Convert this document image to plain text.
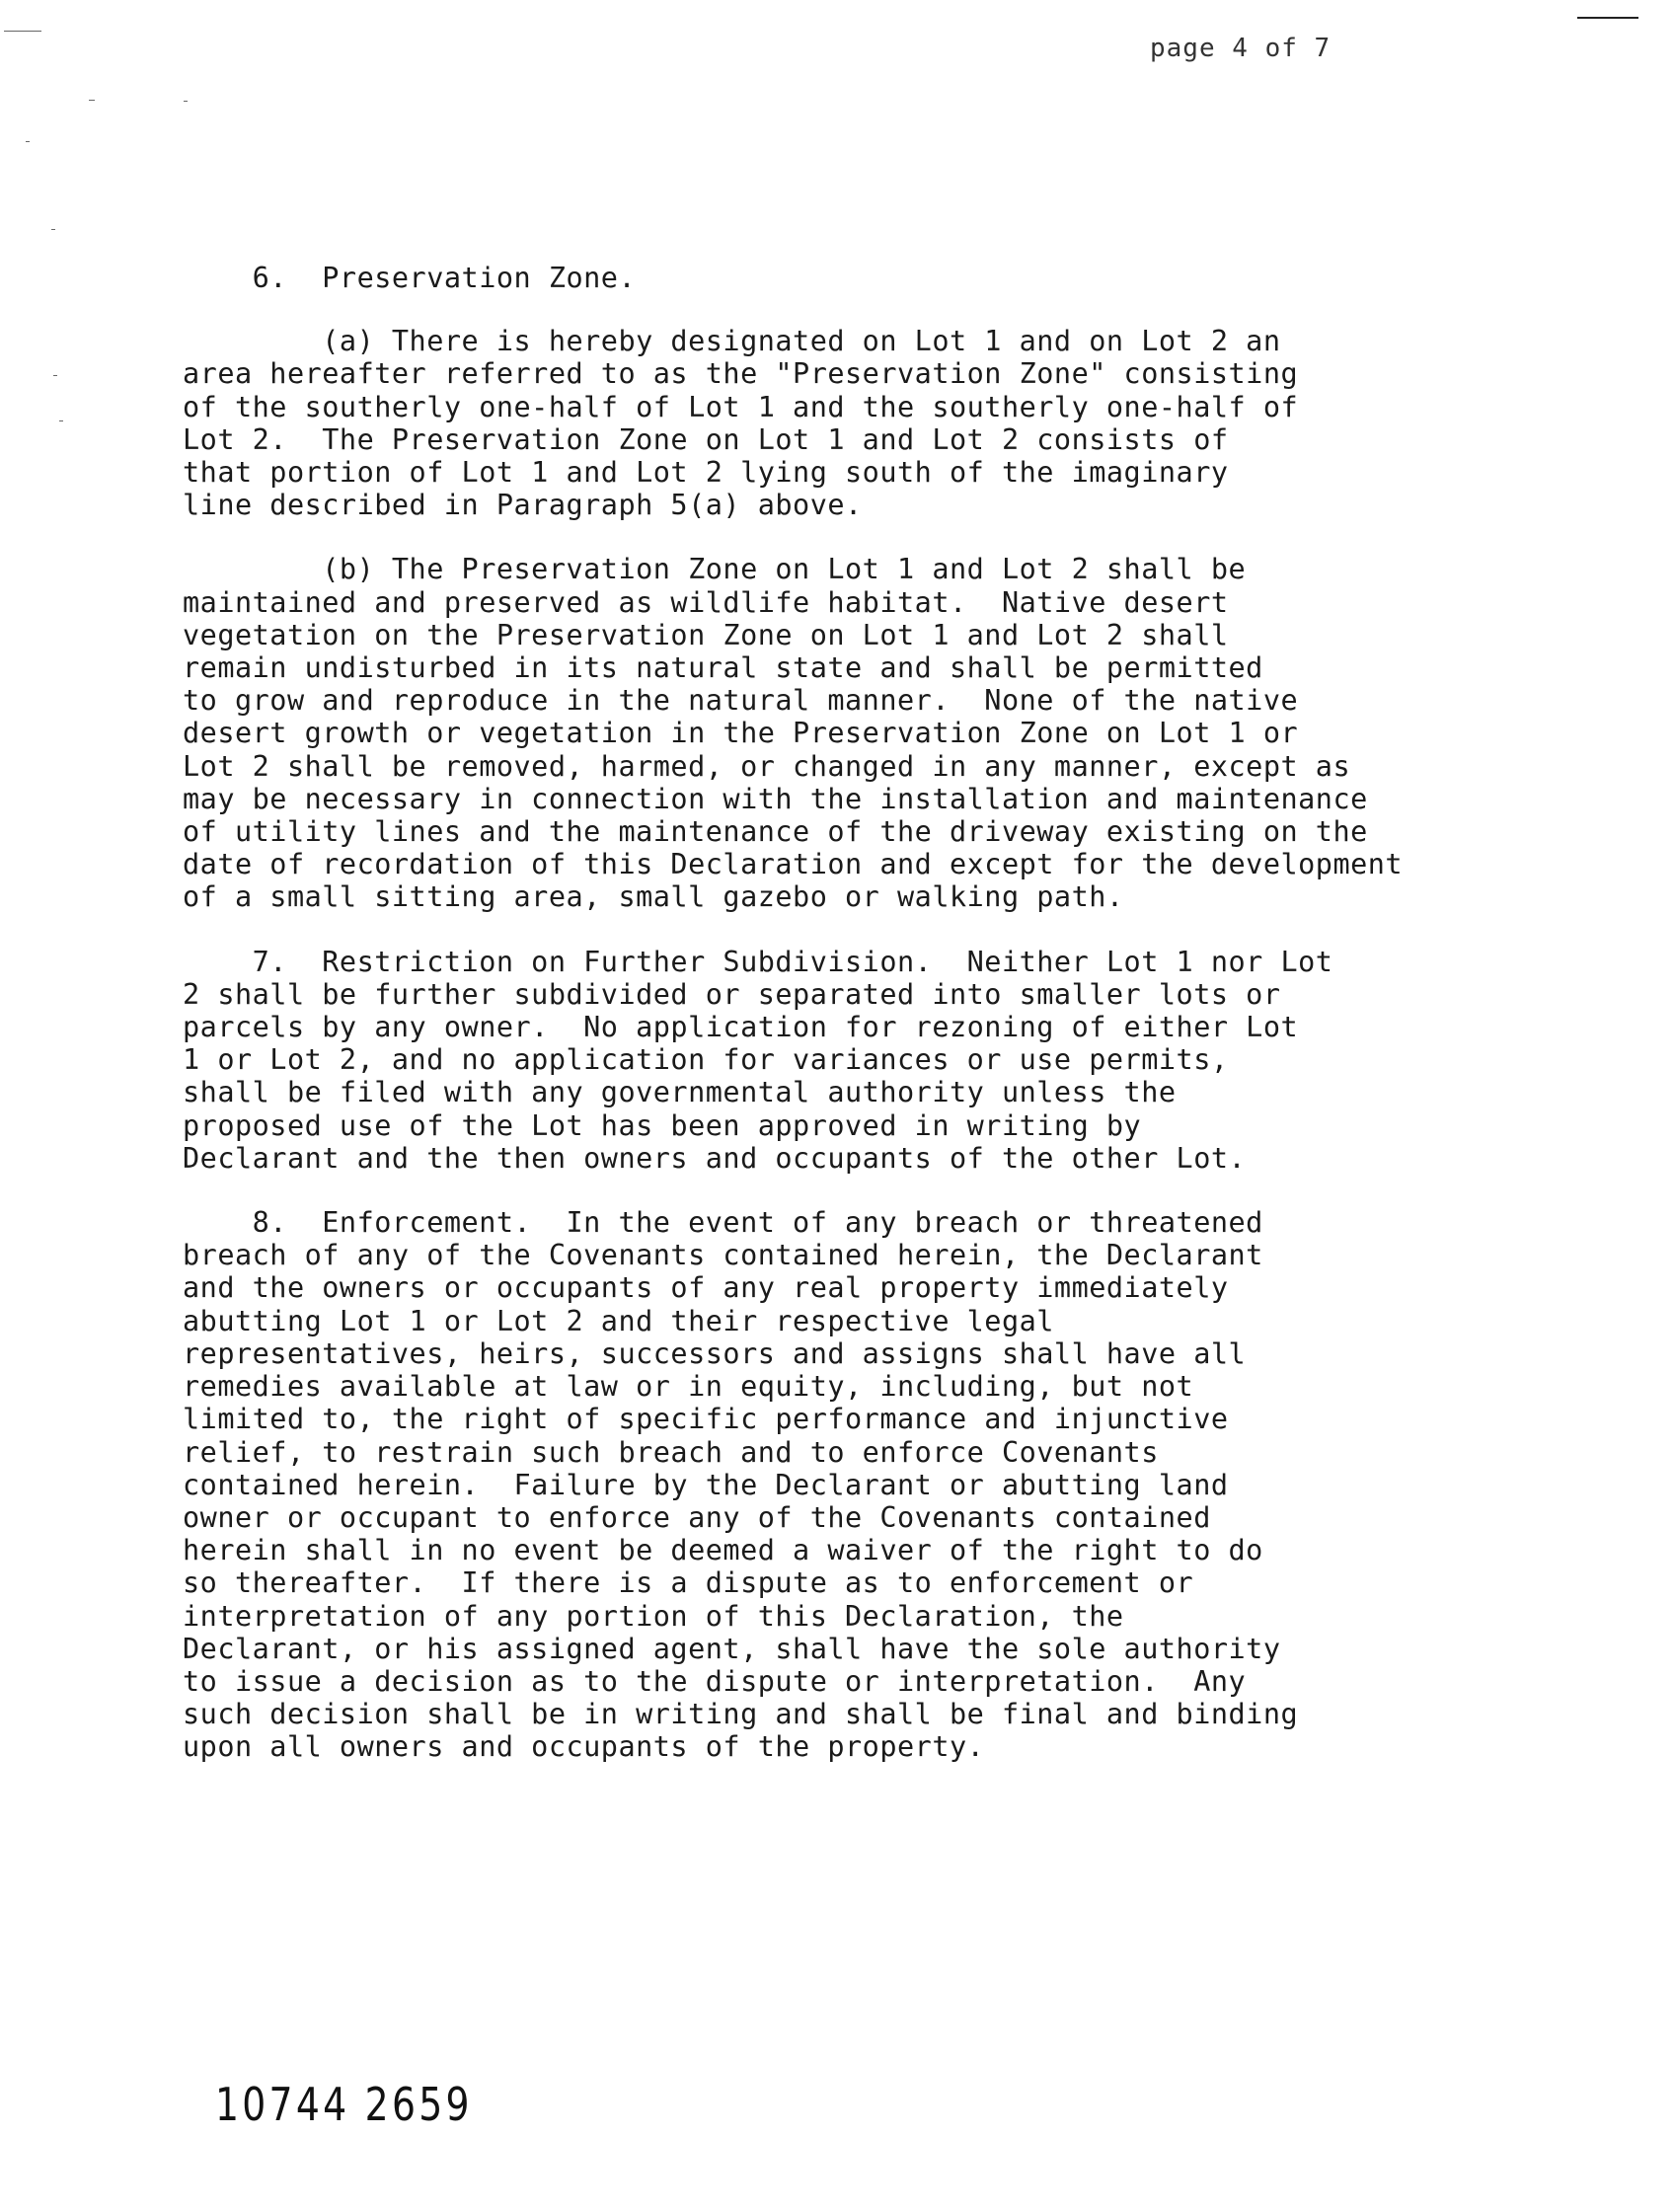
page 4 of 7
6.  Preservation Zone.
(a) There is hereby designated on Lot 1 and on Lot 2 an
area hereafter referred to as the "Preservation Zone" consisting
of the southerly one-half of Lot 1 and the southerly one-half of
Lot 2.  The Preservation Zone on Lot 1 and Lot 2 consists of
that portion of Lot 1 and Lot 2 lying south of the imaginary
line described in Paragraph 5(a) above.
(b) The Preservation Zone on Lot 1 and Lot 2 shall be
maintained and preserved as wildlife habitat.  Native desert
vegetation on the Preservation Zone on Lot 1 and Lot 2 shall
remain undisturbed in its natural state and shall be permitted
to grow and reproduce in the natural manner.  None of the native
desert growth or vegetation in the Preservation Zone on Lot 1 or
Lot 2 shall be removed, harmed, or changed in any manner, except as
may be necessary in connection with the installation and maintenance
of utility lines and the maintenance of the driveway existing on the
date of recordation of this Declaration and except for the development
of a small sitting area, small gazebo or walking path.
7.  Restriction on Further Subdivision.  Neither Lot 1 nor Lot
2 shall be further subdivided or separated into smaller lots or
parcels by any owner.  No application for rezoning of either Lot
1 or Lot 2, and no application for variances or use permits,
shall be filed with any governmental authority unless the
proposed use of the Lot has been approved in writing by
Declarant and the then owners and occupants of the other Lot.
8.  Enforcement.  In the event of any breach or threatened
breach of any of the Covenants contained herein, the Declarant
and the owners or occupants of any real property immediately
abutting Lot 1 or Lot 2 and their respective legal
representatives, heirs, successors and assigns shall have all
remedies available at law or in equity, including, but not
limited to, the right of specific performance and injunctive
relief, to restrain such breach and to enforce Covenants
contained herein.  Failure by the Declarant or abutting land
owner or occupant to enforce any of the Covenants contained
herein shall in no event be deemed a waiver of the right to do
so thereafter.  If there is a dispute as to enforcement or
interpretation of any portion of this Declaration, the
Declarant, or his assigned agent, shall have the sole authority
to issue a decision as to the dispute or interpretation.  Any
such decision shall be in writing and shall be final and binding
upon all owners and occupants of the property.
10744 2659
